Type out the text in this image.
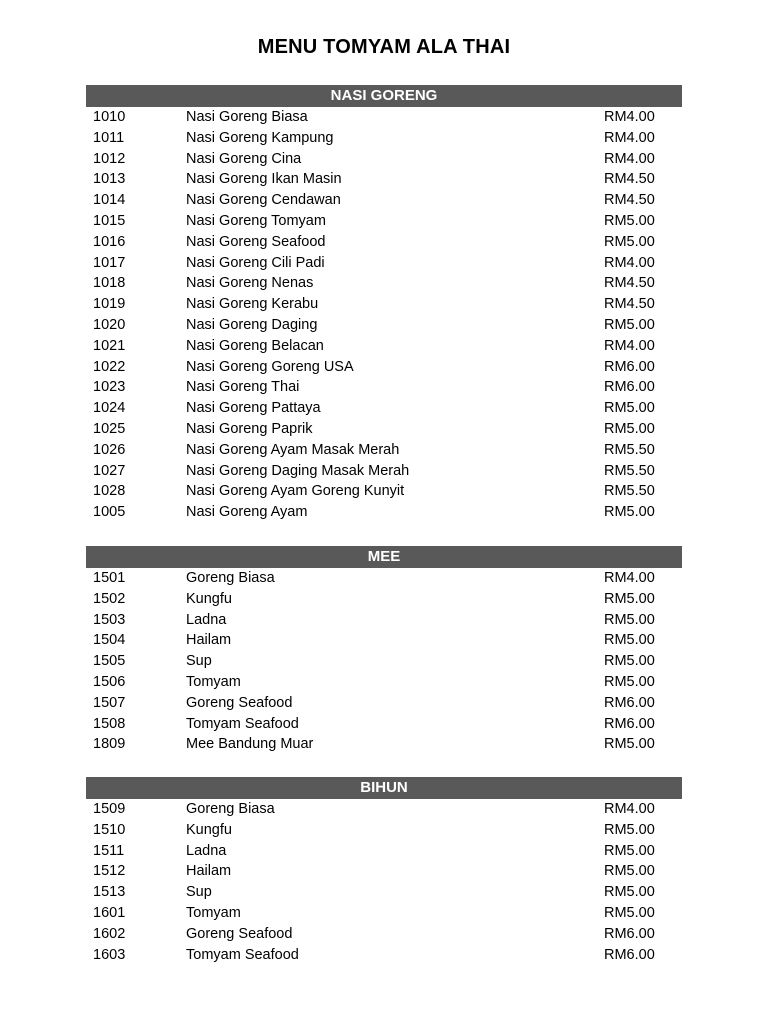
MENU TOMYAM ALA THAI
NASI GORENG
1010	Nasi Goreng Biasa	RM4.00
1011	Nasi Goreng Kampung	RM4.00
1012	Nasi Goreng Cina	RM4.00
1013	Nasi Goreng Ikan Masin	RM4.50
1014	Nasi Goreng Cendawan	RM4.50
1015	Nasi Goreng Tomyam	RM5.00
1016	Nasi Goreng Seafood	RM5.00
1017	Nasi Goreng Cili Padi	RM4.00
1018	Nasi Goreng Nenas	RM4.50
1019	Nasi Goreng Kerabu	RM4.50
1020	Nasi Goreng Daging	RM5.00
1021	Nasi Goreng Belacan	RM4.00
1022	Nasi Goreng Goreng USA	RM6.00
1023	Nasi Goreng Thai	RM6.00
1024	Nasi Goreng Pattaya	RM5.00
1025	Nasi Goreng Paprik	RM5.00
1026	Nasi Goreng Ayam Masak Merah	RM5.50
1027	Nasi Goreng Daging Masak Merah	RM5.50
1028	Nasi Goreng Ayam Goreng Kunyit	RM5.50
1005	Nasi Goreng Ayam	RM5.00
MEE
1501	Goreng Biasa	RM4.00
1502	Kungfu	RM5.00
1503	Ladna	RM5.00
1504	Hailam	RM5.00
1505	Sup	RM5.00
1506	Tomyam	RM5.00
1507	Goreng Seafood	RM6.00
1508	Tomyam Seafood	RM6.00
1809	Mee Bandung Muar	RM5.00
BIHUN
1509	Goreng Biasa	RM4.00
1510	Kungfu	RM5.00
1511	Ladna	RM5.00
1512	Hailam	RM5.00
1513	Sup	RM5.00
1601	Tomyam	RM5.00
1602	Goreng Seafood	RM6.00
1603	Tomyam Seafood	RM6.00
